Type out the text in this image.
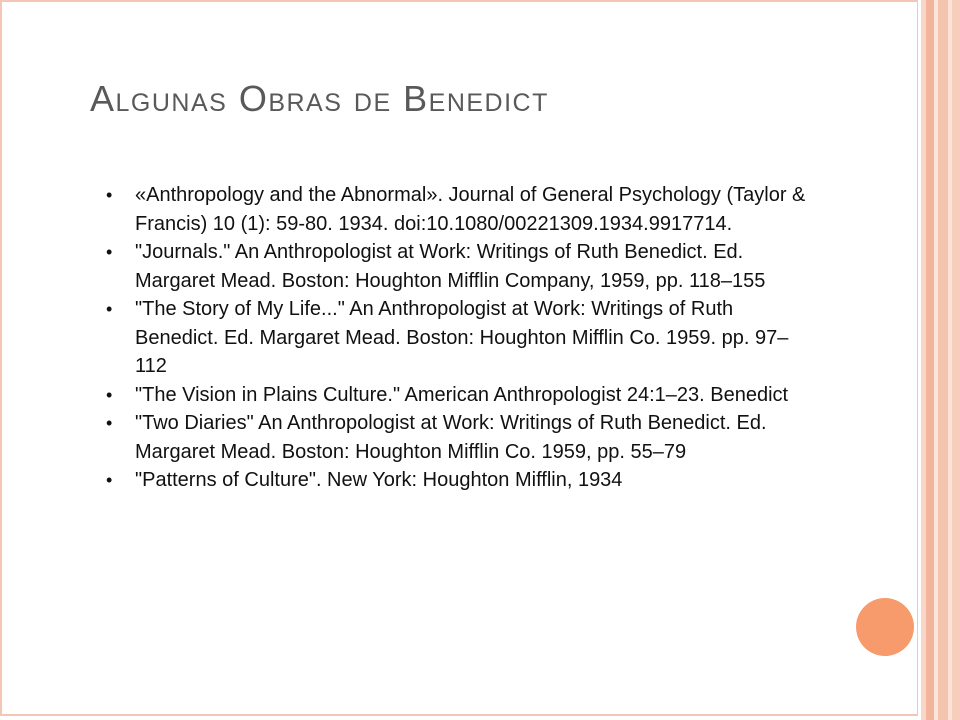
Algunas Obras de Benedict
• «Anthropology and the Abnormal». Journal of General Psychology (Taylor & Francis) 10 (1): 59-80. 1934. doi:10.1080/00221309.1934.9917714.
• "Journals." An Anthropologist at Work: Writings of Ruth Benedict. Ed. Margaret Mead. Boston: Houghton Mifflin Company, 1959, pp. 118–155
• "The Story of My Life..." An Anthropologist at Work: Writings of Ruth Benedict. Ed. Margaret Mead. Boston: Houghton Mifflin Co. 1959. pp. 97–112
• "The Vision in Plains Culture." American Anthropologist 24:1–23. Benedict
• "Two Diaries" An Anthropologist at Work: Writings of Ruth Benedict. Ed. Margaret Mead. Boston: Houghton Mifflin Co. 1959, pp. 55–79
• "Patterns of Culture". New York: Houghton Mifflin, 1934
